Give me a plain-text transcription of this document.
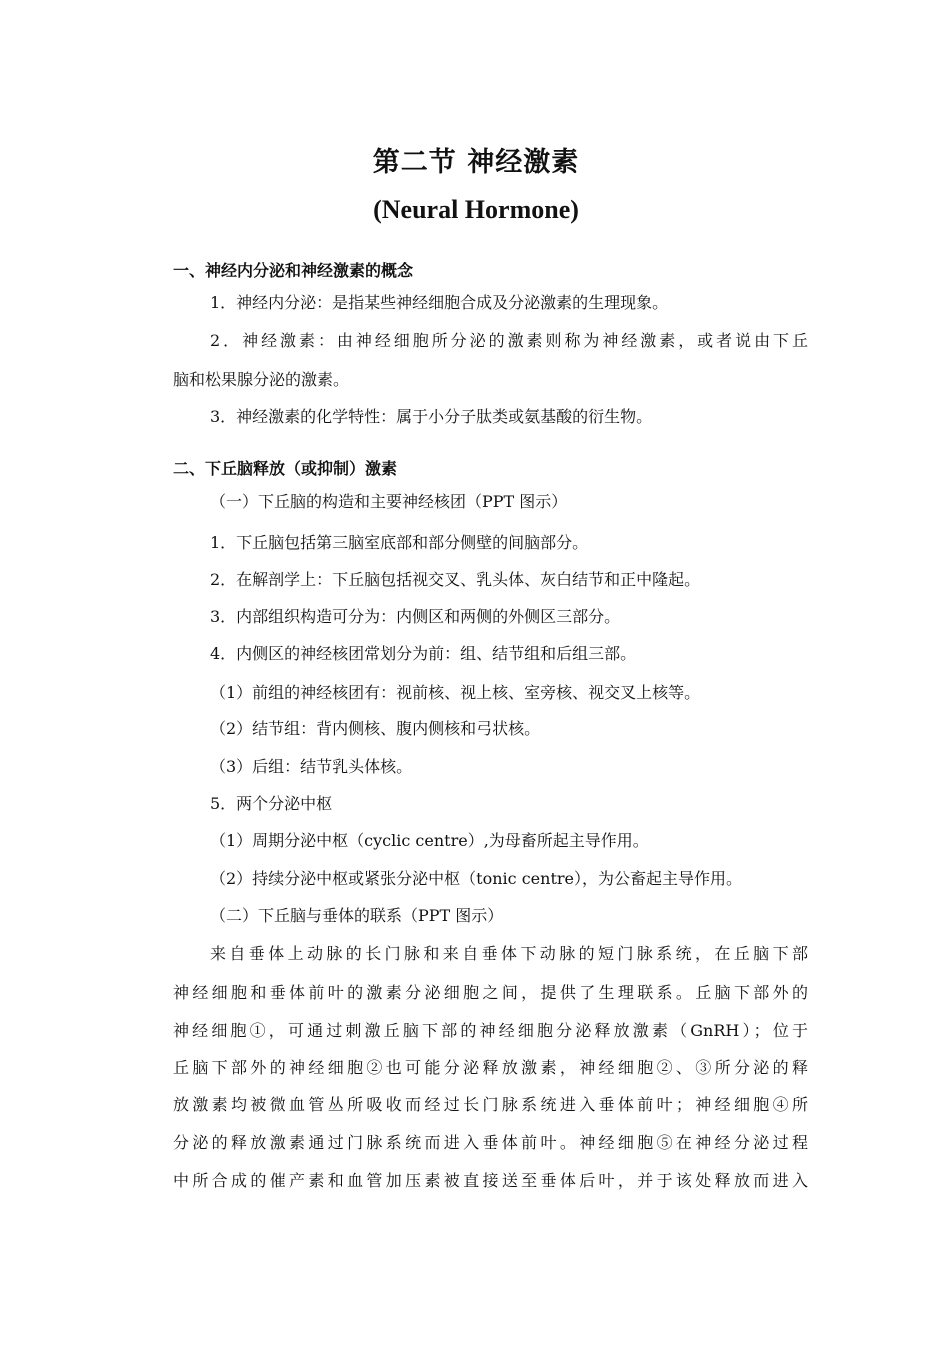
第二节 神经激素
(Neural Hormone)
一、神经内分泌和神经激素的概念
1．神经内分泌：是指某些神经细胞合成及分泌激素的生理现象。
2．神经激素：由神经细胞所分泌的激素则称为神经激素，或者说由下丘
脑和松果腺分泌的激素。
3．神经激素的化学特性：属于小分子肽类或氨基酸的衍生物。
二、下丘脑释放（或抑制）激素
（一）下丘脑的构造和主要神经核团（PPT 图示）
1．下丘脑包括第三脑室底部和部分侧壁的间脑部分。
2．在解剖学上：下丘脑包括视交叉、乳头体、灰白结节和正中隆起。
3．内部组织构造可分为：内侧区和两侧的外侧区三部分。
4．内侧区的神经核团常划分为前：组、结节组和后组三部。
（1）前组的神经核团有：视前核、视上核、室旁核、视交叉上核等。
（2）结节组：背内侧核、腹内侧核和弓状核。
（3）后组：结节乳头体核。
5．两个分泌中枢
（1）周期分泌中枢（cyclic centre）,为母畜所起主导作用。
（2）持续分泌中枢或紧张分泌中枢（tonic centre），为公畜起主导作用。
（二）下丘脑与垂体的联系（PPT 图示）
来自垂体上动脉的长门脉和来自垂体下动脉的短门脉系统，在丘脑下部
神经细胞和垂体前叶的激素分泌细胞之间，提供了生理联系。丘脑下部外的
神经细胞①，可通过刺激丘脑下部的神经细胞分泌释放激素（GnRH）；位于
丘脑下部外的神经细胞②也可能分泌释放激素，神经细胞②、③所分泌的释
放激素均被微血管丛所吸收而经过长门脉系统进入垂体前叶；神经细胞④所
分泌的释放激素通过门脉系统而进入垂体前叶。神经细胞⑤在神经分泌过程
中所合成的催产素和血管加压素被直接送至垂体后叶，并于该处释放而进入
